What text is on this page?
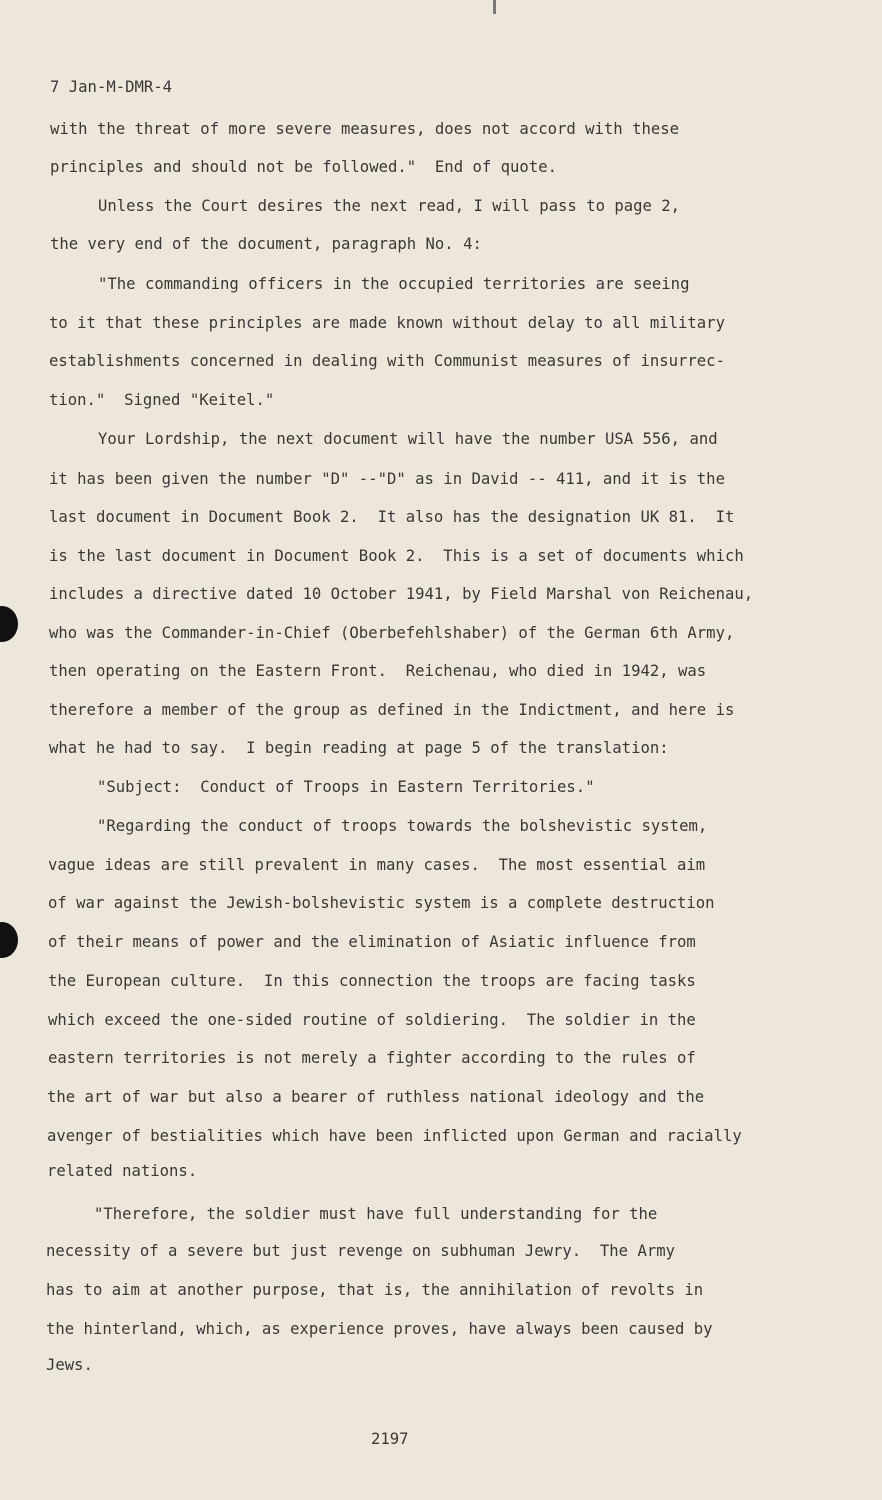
7 Jan-M-DMR-4
with the threat of more severe measures, does not accord with these
principles and should not be followed."  End of quote.
Unless the Court desires the next read, I will pass to page 2,
the very end of the document, paragraph No. 4:
"The commanding officers in the occupied territories are seeing
to it that these principles are made known without delay to all military
establishments concerned in dealing with Communist measures of insurrec-
tion."  Signed "Keitel."
Your Lordship, the next document will have the number USA 556, and
it has been given the number "D" --"D" as in David -- 411, and it is the
last document in Document Book 2.  It also has the designation UK 81.  It
is the last document in Document Book 2.  This is a set of documents which
includes a directive dated 10 October 1941, by Field Marshal von Reichenau,
who was the Commander-in-Chief (Oberbefehlshaber) of the German 6th Army,
then operating on the Eastern Front.  Reichenau, who died in 1942, was
therefore a member of the group as defined in the Indictment, and here is
what he had to say.  I begin reading at page 5 of the translation:
"Subject:  Conduct of Troops in Eastern Territories."
"Regarding the conduct of troops towards the bolshevistic system,
vague ideas are still prevalent in many cases.  The most essential aim
of war against the Jewish-bolshevistic system is a complete destruction
of their means of power and the elimination of Asiatic influence from
the European culture.  In this connection the troops are facing tasks
which exceed the one-sided routine of soldiering.  The soldier in the
eastern territories is not merely a fighter according to the rules of
the art of war but also a bearer of ruthless national ideology and the
avenger of bestialities which have been inflicted upon German and racially
related nations.
"Therefore, the soldier must have full understanding for the
necessity of a severe but just revenge on subhuman Jewry.  The Army
has to aim at another purpose, that is, the annihilation of revolts in
the hinterland, which, as experience proves, have always been caused by
Jews.
2197
